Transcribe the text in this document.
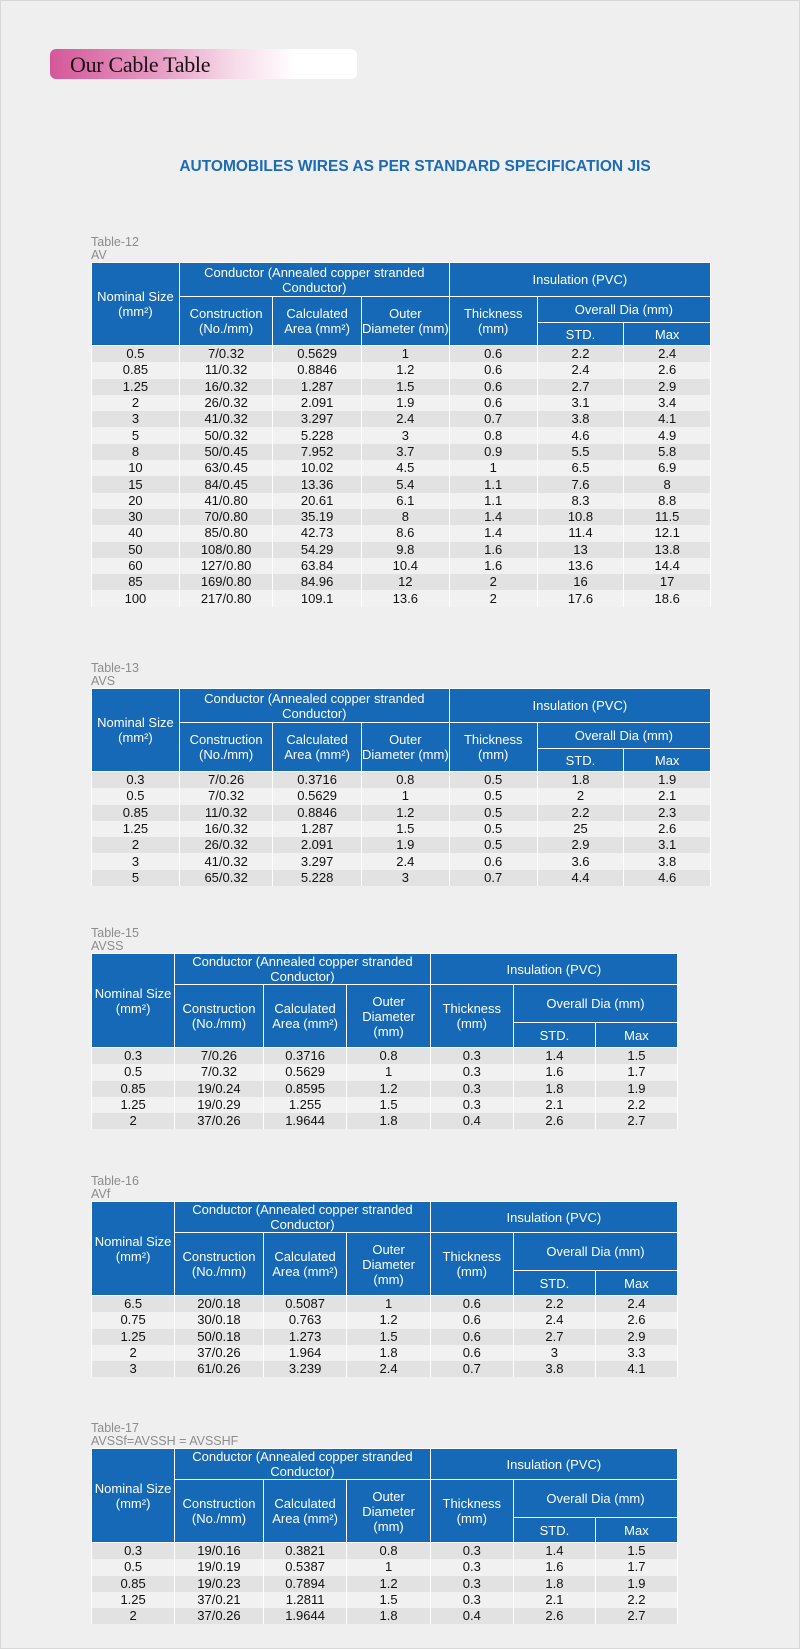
Our Cable Table
AUTOMOBILES WIRES AS PER STANDARD SPECIFICATION JIS
Table-12
AV
Nominal Size (mm²)	Conductor (Annealed copper stranded Conductor)			Insulation (PVC)		
	Construction (No./mm)	Calculated Area (mm²)	Outer Diameter (mm)	Thickness (mm)	Overall Dia (mm)	
					STD.	Max
0.5	7/0.32	0.5629	1	0.6	2.2	2.4
0.85	11/0.32	0.8846	1.2	0.6	2.4	2.6
1.25	16/0.32	1.287	1.5	0.6	2.7	2.9
2	26/0.32	2.091	1.9	0.6	3.1	3.4
3	41/0.32	3.297	2.4	0.7	3.8	4.1
5	50/0.32	5.228	3	0.8	4.6	4.9
8	50/0.45	7.952	3.7	0.9	5.5	5.8
10	63/0.45	10.02	4.5	1	6.5	6.9
15	84/0.45	13.36	5.4	1.1	7.6	8
20	41/0.80	20.61	6.1	1.1	8.3	8.8
30	70/0.80	35.19	8	1.4	10.8	11.5
40	85/0.80	42.73	8.6	1.4	11.4	12.1
50	108/0.80	54.29	9.8	1.6	13	13.8
60	127/0.80	63.84	10.4	1.6	13.6	14.4
85	169/0.80	84.96	12	2	16	17
100	217/0.80	109.1	13.6	2	17.6	18.6
Table-13
AVS
Nominal Size (mm²)	Conductor (Annealed copper stranded Conductor)			Insulation (PVC)		
	Construction (No./mm)	Calculated Area (mm²)	Outer Diameter (mm)	Thickness (mm)	Overall Dia (mm)	
					STD.	Max
0.3	7/0.26	0.3716	0.8	0.5	1.8	1.9
0.5	7/0.32	0.5629	1	0.5	2	2.1
0.85	11/0.32	0.8846	1.2	0.5	2.2	2.3
1.25	16/0.32	1.287	1.5	0.5	25	2.6
2	26/0.32	2.091	1.9	0.5	2.9	3.1
3	41/0.32	3.297	2.4	0.6	3.6	3.8
5	65/0.32	5.228	3	0.7	4.4	4.6
Table-15
AVSS
Nominal Size (mm²)	Conductor (Annealed copper stranded Conductor)			Insulation (PVC)		
	Construction (No./mm)	Calculated Area (mm²)	Outer Diameter (mm)	Thickness (mm)	Overall Dia (mm)	
					STD.	Max
0.3	7/0.26	0.3716	0.8	0.3	1.4	1.5
0.5	7/0.32	0.5629	1	0.3	1.6	1.7
0.85	19/0.24	0.8595	1.2	0.3	1.8	1.9
1.25	19/0.29	1.255	1.5	0.3	2.1	2.2
2	37/0.26	1.9644	1.8	0.4	2.6	2.7
Table-16
AVf
Nominal Size (mm²)	Conductor (Annealed copper stranded Conductor)			Insulation (PVC)		
	Construction (No./mm)	Calculated Area (mm²)	Outer Diameter (mm)	Thickness (mm)	Overall Dia (mm)	
					STD.	Max
6.5	20/0.18	0.5087	1	0.6	2.2	2.4
0.75	30/0.18	0.763	1.2	0.6	2.4	2.6
1.25	50/0.18	1.273	1.5	0.6	2.7	2.9
2	37/0.26	1.964	1.8	0.6	3	3.3
3	61/0.26	3.239	2.4	0.7	3.8	4.1
Table-17
AVSSf=AVSSH = AVSSHF
Nominal Size (mm²)	Conductor (Annealed copper stranded Conductor)			Insulation (PVC)		
	Construction (No./mm)	Calculated Area (mm²)	Outer Diameter (mm)	Thickness (mm)	Overall Dia (mm)	
					STD.	Max
0.3	19/0.16	0.3821	0.8	0.3	1.4	1.5
0.5	19/0.19	0.5387	1	0.3	1.6	1.7
0.85	19/0.23	0.7894	1.2	0.3	1.8	1.9
1.25	37/0.21	1.2811	1.5	0.3	2.1	2.2
2	37/0.26	1.9644	1.8	0.4	2.6	2.7
